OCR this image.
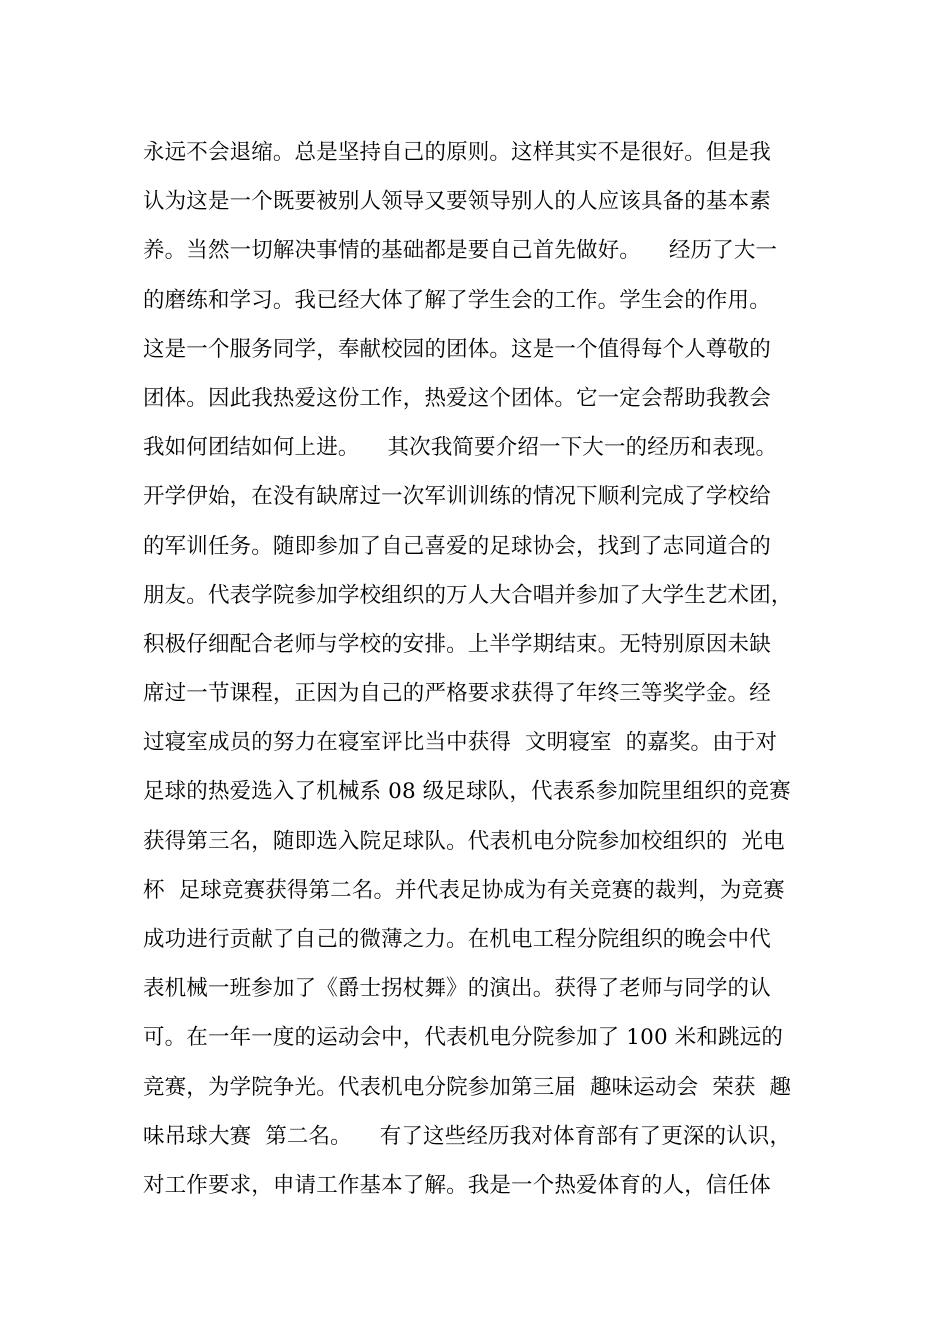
永远不会退缩。总是坚持自己的原则。这样其实不是很好。但是我
认为这是一个既要被别人领导又要领导别人的人应该具备的基本素
养。当然一切解决事情的基础都是要自己首先做好。    经历了大一
的磨练和学习。我已经大体了解了学生会的工作。学生会的作用。
这是一个服务同学，奉献校园的团体。这是一个值得每个人尊敬的
团体。因此我热爱这份工作，热爱这个团体。它一定会帮助我教会
我如何团结如何上进。    其次我简要介绍一下大一的经历和表现。
开学伊始，在没有缺席过一次军训训练的情况下顺利完成了学校给
的军训任务。随即参加了自己喜爱的足球协会，找到了志同道合的
朋友。代表学院参加学校组织的万人大合唱并参加了大学生艺术团，
积极仔细配合老师与学校的安排。上半学期结束。无特别原因未缺
席过一节课程，正因为自己的严格要求获得了年终三等奖学金。经
过寝室成员的努力在寝室评比当中获得  文明寝室  的嘉奖。由于对
足球的热爱选入了机械系 08 级足球队，代表系参加院里组织的竞赛
获得第三名，随即选入院足球队。代表机电分院参加校组织的  光电
杯  足球竞赛获得第二名。并代表足协成为有关竞赛的裁判，为竞赛
成功进行贡献了自己的微薄之力。在机电工程分院组织的晚会中代
表机械一班参加了《爵士拐杖舞》的演出。获得了老师与同学的认
可。在一年一度的运动会中，代表机电分院参加了 100 米和跳远的
竞赛，为学院争光。代表机电分院参加第三届  趣味运动会  荣获  趣
味吊球大赛  第二名。    有了这些经历我对体育部有了更深的认识，
对工作要求，申请工作基本了解。我是一个热爱体育的人，信任体
